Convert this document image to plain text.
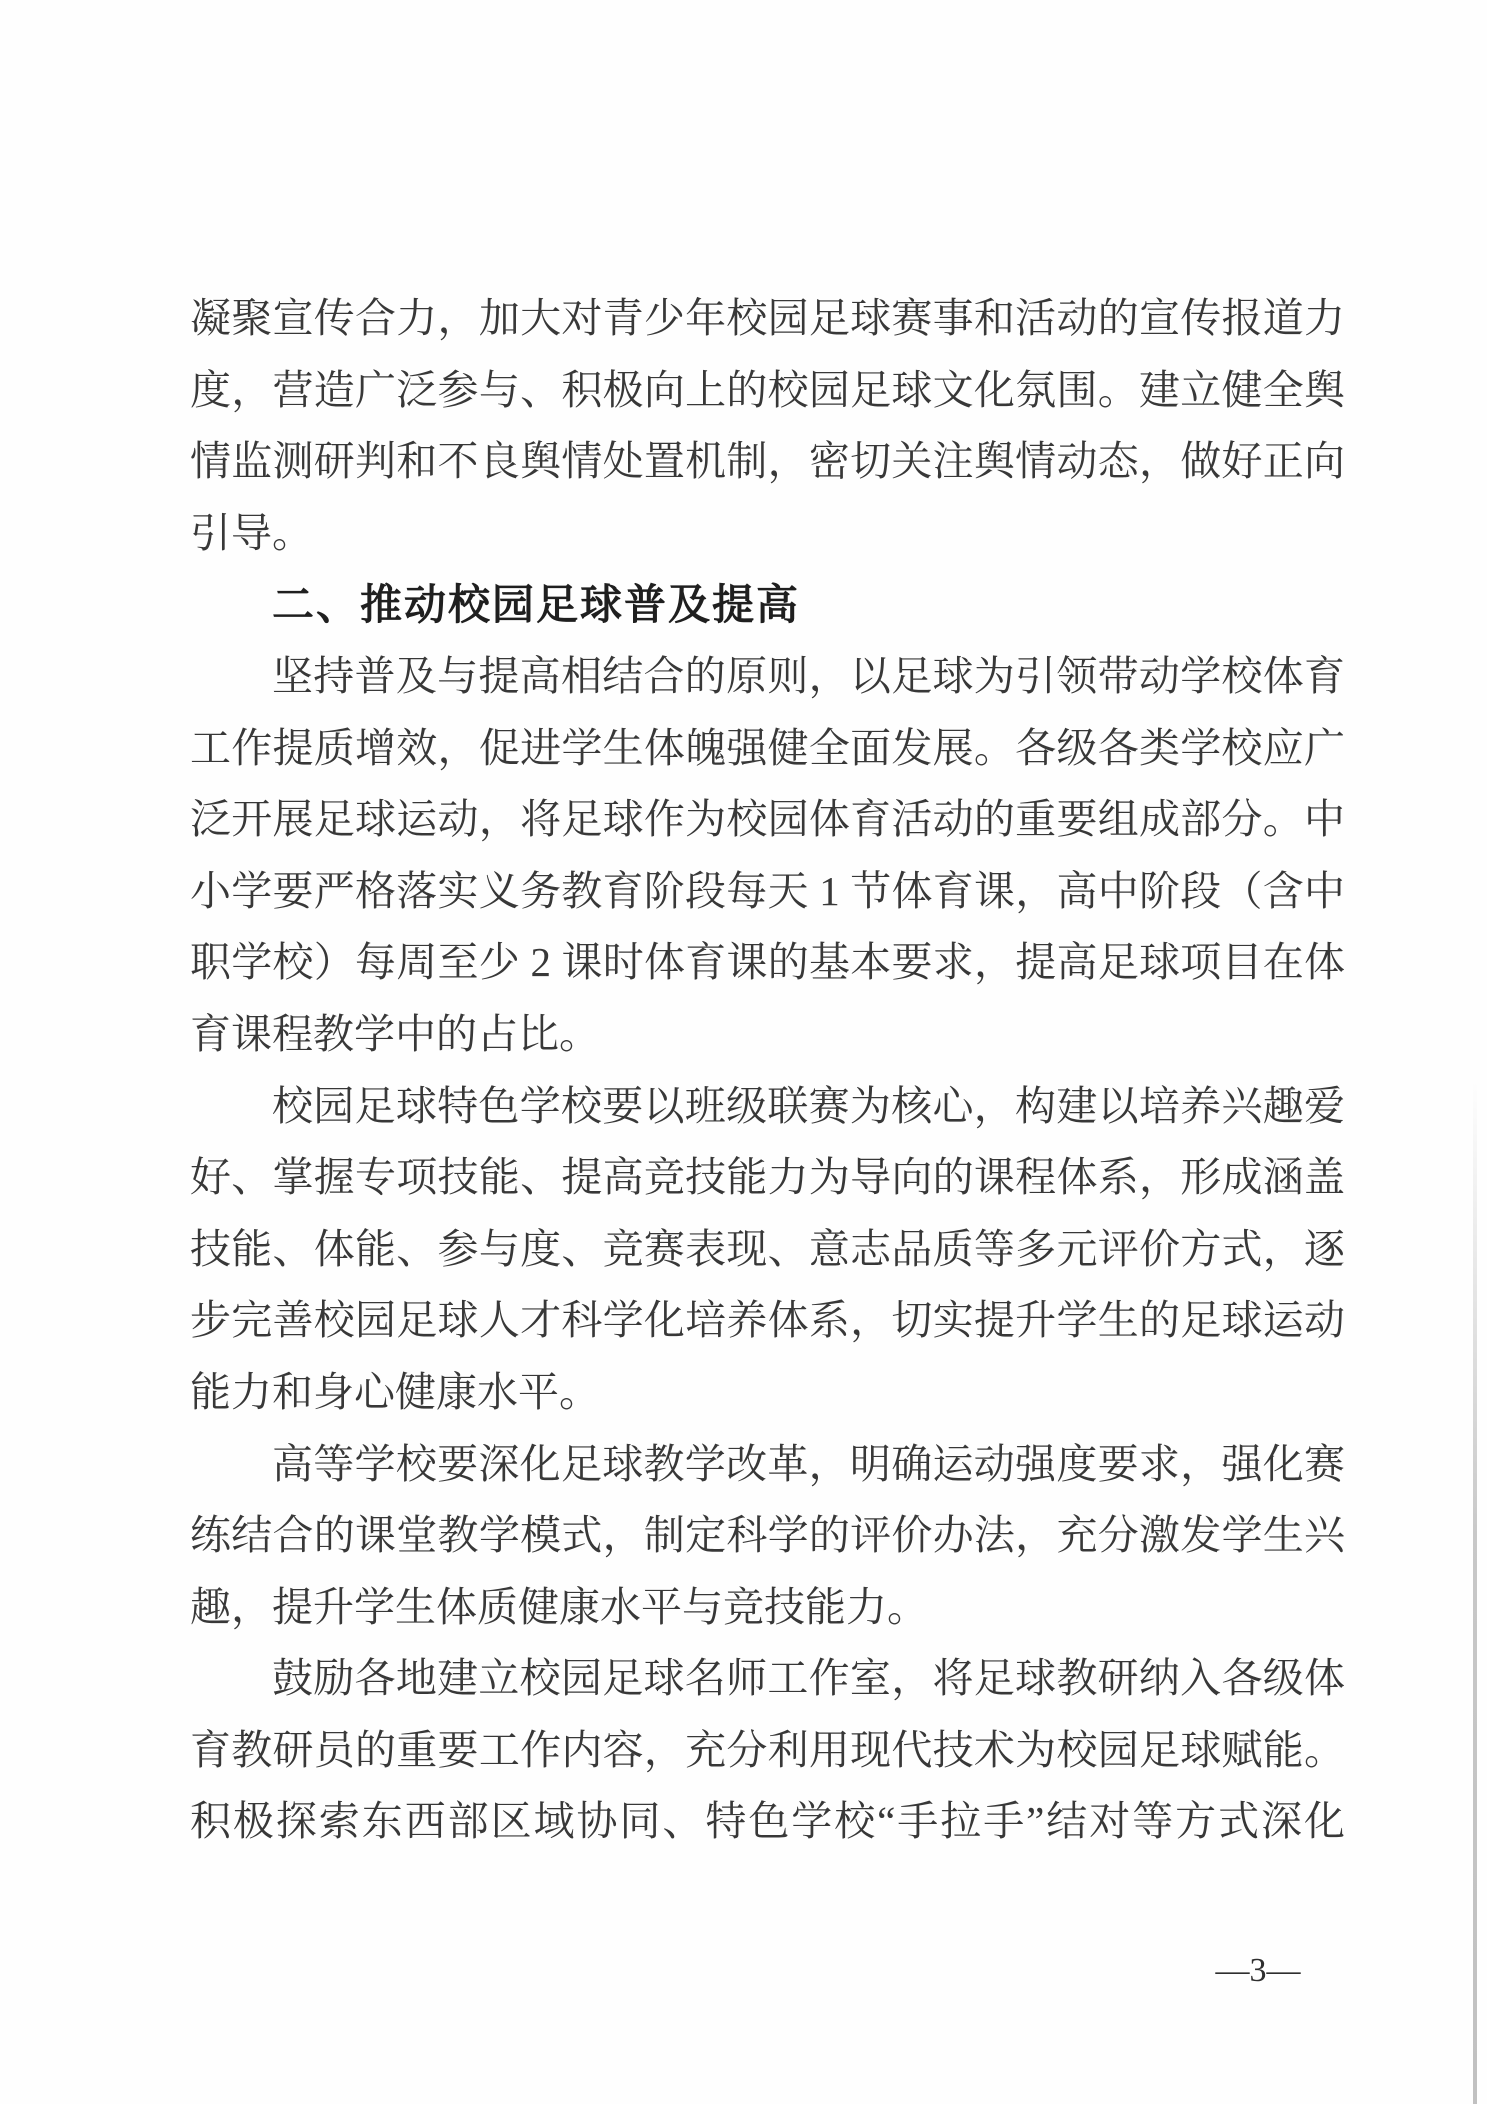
凝聚宣传合力，加大对青少年校园足球赛事和活动的宣传报道力
度，营造广泛参与、积极向上的校园足球文化氛围。建立健全舆
情监测研判和不良舆情处置机制，密切关注舆情动态，做好正向
引导。
二、推动校园足球普及提高
坚持普及与提高相结合的原则，以足球为引领带动学校体育
工作提质增效，促进学生体魄强健全面发展。各级各类学校应广
泛开展足球运动，将足球作为校园体育活动的重要组成部分。中
小学要严格落实义务教育阶段每天 1 节体育课，高中阶段（含中
职学校）每周至少 2 课时体育课的基本要求，提高足球项目在体
育课程教学中的占比。
校园足球特色学校要以班级联赛为核心，构建以培养兴趣爱
好、掌握专项技能、提高竞技能力为导向的课程体系，形成涵盖
技能、体能、参与度、竞赛表现、意志品质等多元评价方式，逐
步完善校园足球人才科学化培养体系，切实提升学生的足球运动
能力和身心健康水平。
高等学校要深化足球教学改革，明确运动强度要求，强化赛
练结合的课堂教学模式，制定科学的评价办法，充分激发学生兴
趣，提升学生体质健康水平与竞技能力。
鼓励各地建立校园足球名师工作室，将足球教研纳入各级体
育教研员的重要工作内容，充分利用现代技术为校园足球赋能。
积极探索东西部区域协同、特色学校“手拉手”结对等方式深化
—3—
